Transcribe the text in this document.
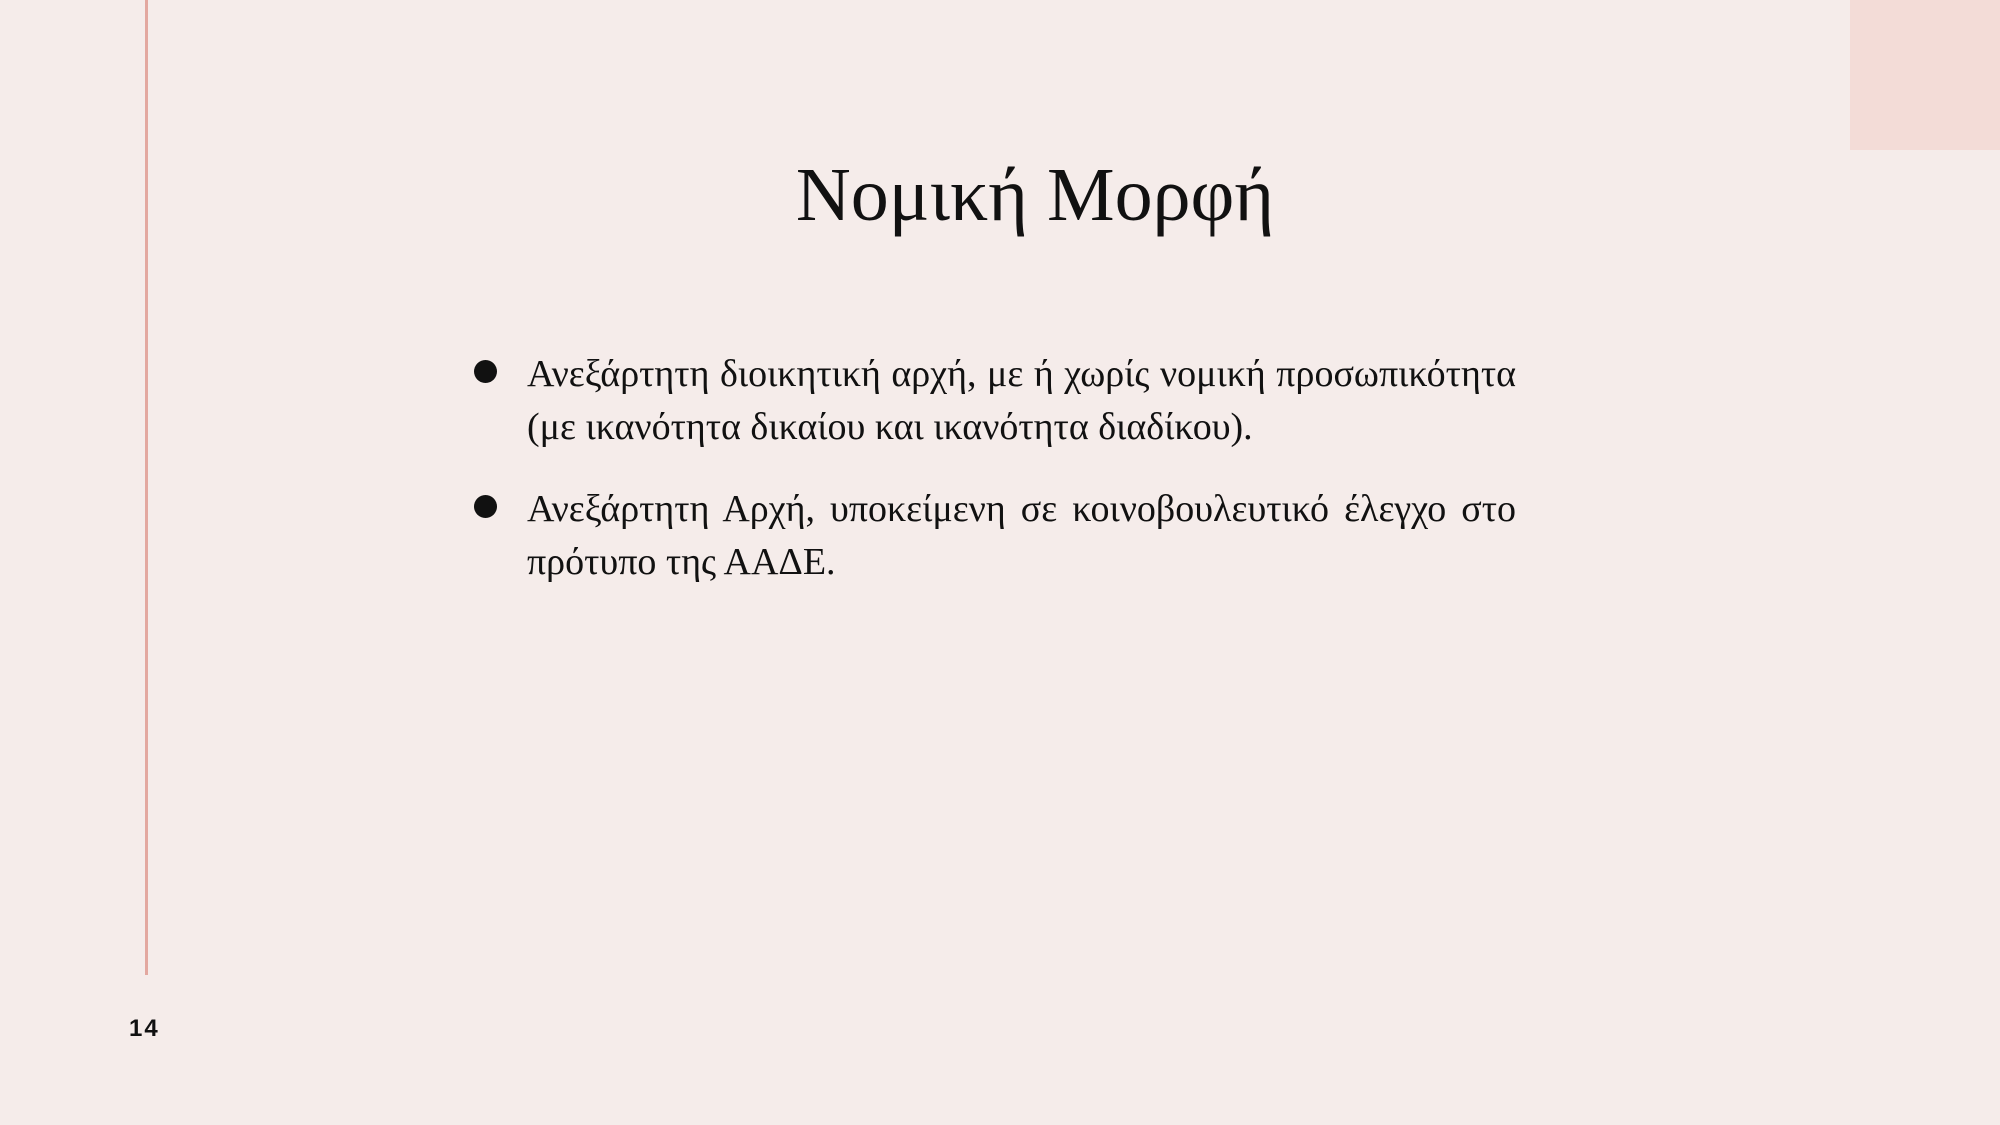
Νομική Μορφή
Ανεξάρτητη διοικητική αρχή, με ή χωρίς νομική προσωπικότητα (με ικανότητα δικαίου και ικανότητα διαδίκου).
Ανεξάρτητη Αρχή, υποκείμενη σε κοινοβουλευτικό έλεγχο στο πρότυπο της ΑΑΔΕ.
14
